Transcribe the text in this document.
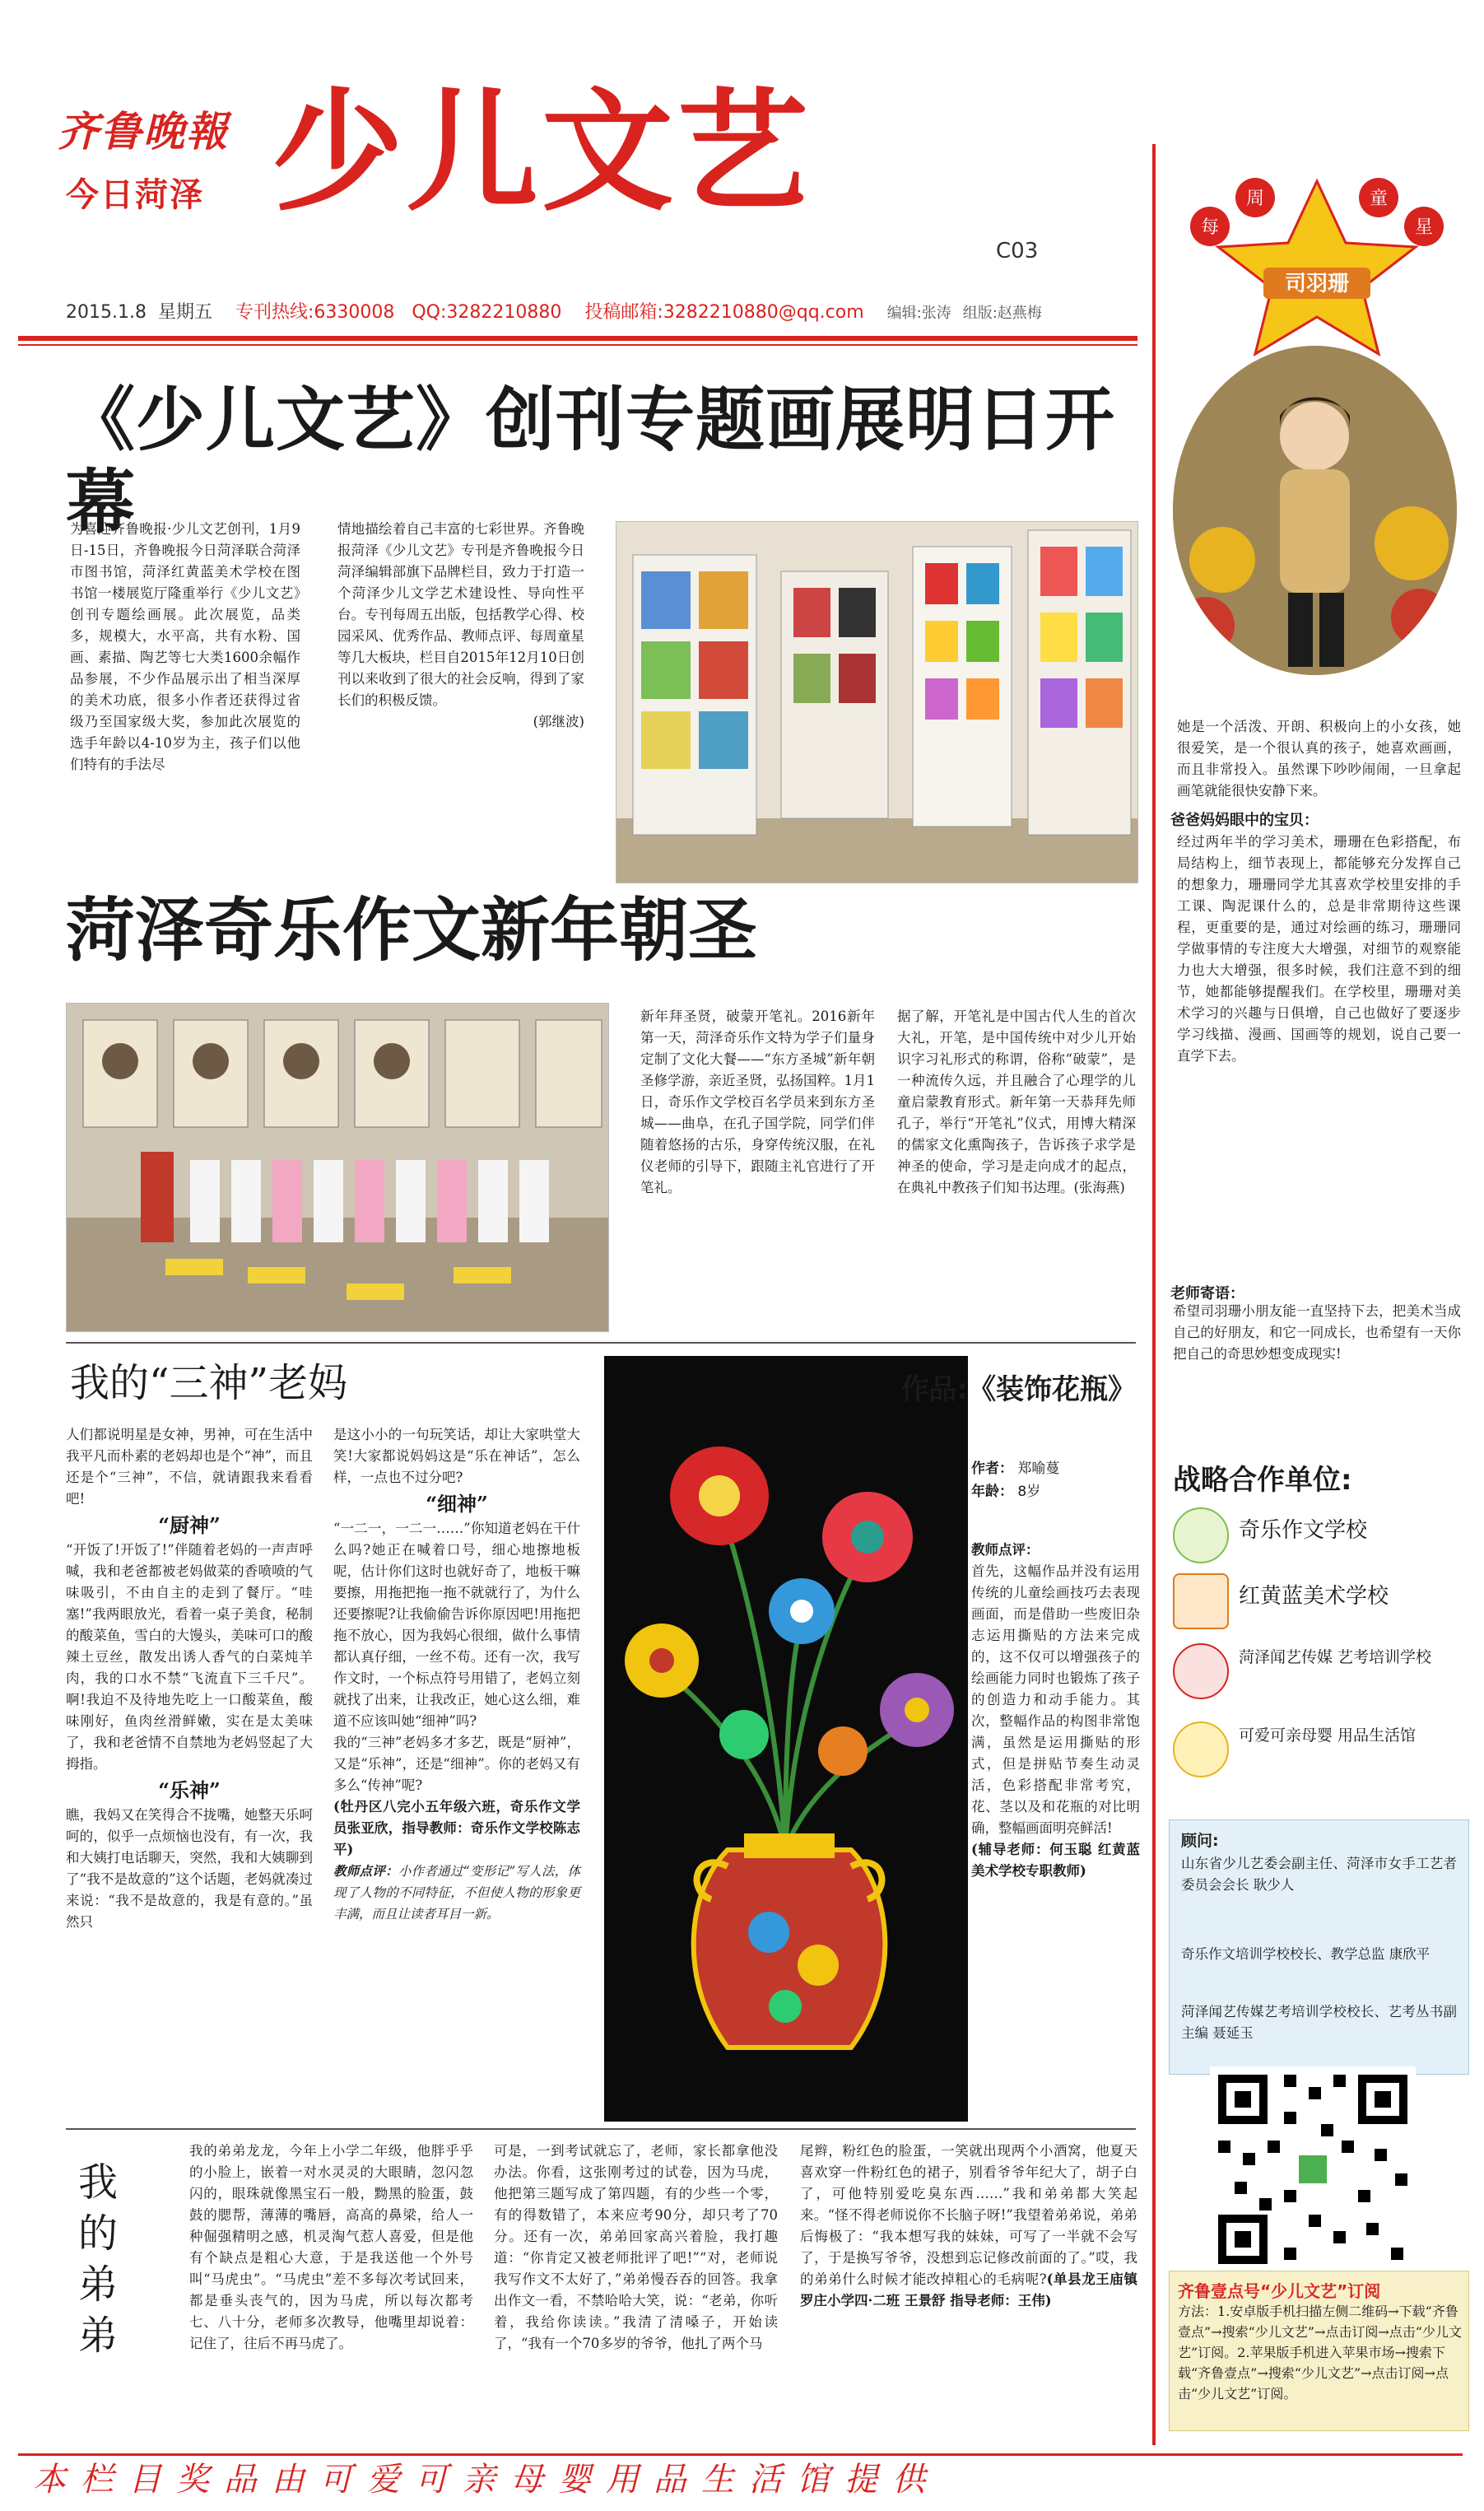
齐鲁晚報
今日菏泽 少儿文艺
C03
2015.1.8 星期五 专刊热线:6330008 QQ:3282210880 投稿邮箱:3282210880@qq.com 编辑:张涛 组版:赵燕梅
《少儿文艺》创刊专题画展明日开幕
为喜迎齐鲁晚报·少儿文艺创刊，1月9日-15日，齐鲁晚报今日菏泽联合菏泽市图书馆，菏泽红黄蓝美术学校在图书馆一楼展览厅隆重举行《少儿文艺》创刊专题绘画展。此次展览，品类多，规模大，水平高，共有水粉、国画、素描、陶艺等七大类1600余幅作品参展，不少作品展示出了相当深厚的美术功底，很多小作者还获得过省级乃至国家级大奖，参加此次展览的选手年龄以4-10岁为主，孩子们以他们特有的手法尽
情地描绘着自己丰富的七彩世界。齐鲁晚报菏泽《少儿文艺》专刊是齐鲁晚报今日菏泽编辑部旗下品牌栏目，致力于打造一个菏泽少儿文学艺术建设性、导向性平台。专刊每周五出版，包括教学心得、校园采风、优秀作品、教师点评、每周童星等几大板块，栏目自2015年12月10日创刊以来收到了很大的社会反响，得到了家长们的积极反馈。
(郭继波)
菏泽奇乐作文新年朝圣
新年拜圣贤，破蒙开笔礼。2016新年第一天，菏泽奇乐作文特为学子们量身定制了文化大餐——“东方圣城”新年朝圣修学游，亲近圣贤，弘扬国粹。1月1日，奇乐作文学校百名学员来到东方圣城——曲阜，在孔子国学院，同学们伴随着悠扬的古乐，身穿传统汉服，在礼仪老师的引导下，跟随主礼官进行了开笔礼。
据了解，开笔礼是中国古代人生的首次大礼，开笔，是中国传统中对少儿开始识字习礼形式的称谓，俗称“破蒙”，是一种流传久远，并且融合了心理学的儿童启蒙教育形式。新年第一天恭拜先师孔子，举行“开笔礼”仪式，用博大精深的儒家文化熏陶孩子，告诉孩子求学是神圣的使命，学习是走向成才的起点，在典礼中教孩子们知书达理。(张海燕)
我的“三神”老妈

人们都说明星是女神，男神，可在生活中我平凡而朴素的老妈却也是个“神”，而且还是个“三神”，不信，就请跟我来看看吧!

“厨神”

“开饭了!开饭了!”伴随着老妈的一声声呼喊，我和老爸都被老妈做菜的香喷喷的气味吸引，不由自主的走到了餐厅。“哇塞!”我两眼放光，看着一桌子美食，秘制的酸菜鱼，雪白的大馒头，美味可口的酸辣土豆丝，散发出诱人香气的白菜炖羊肉，我的口水不禁“飞流直下三千尺”。啊!我迫不及待地先吃上一口酸菜鱼，酸味刚好，鱼肉丝滑鲜嫩，实在是太美味了，我和老爸情不自禁地为老妈竖起了大拇指。

“乐神”

瞧，我妈又在笑得合不拢嘴，她整天乐呵呵的，似乎一点烦恼也没有，有一次，我和大姨打电话聊天，突然，我和大姨聊到了“我不是故意的”这个话题，老妈就凑过来说：“我不是故意的，我是有意的。”虽然只

是这小小的一句玩笑话，却让大家哄堂大笑!大家都说妈妈这是“乐在神话”，怎么样，一点也不过分吧?

“细神”

“一二一，一二一……”你知道老妈在干什么吗?她正在喊着口号，细心地擦地板呢，估计你们这时也就好奇了，地板干嘛要擦，用拖把拖一拖不就就行了，为什么还要擦呢?让我偷偷告诉你原因吧!用拖把拖不放心，因为我妈心很细，做什么事情都认真仔细，一丝不苟。还有一次，我写作文时，一个标点符号用错了，老妈立刻就找了出来，让我改正，她心这么细，难道不应该叫她“细神”吗?

我的“三神”老妈多才多艺，既是“厨神”，又是“乐神”，还是“细神”。你的老妈又有多么“传神”呢?

(牡丹区八完小五年级六班，奇乐作文学员张亚欣，指导教师：奇乐作文学校陈志平)

教师点评：小作者通过“变形记”写人法，体现了人物的不同特征，不但使人物的形象更丰满，而且让读者耳目一新。

作品:《装饰花瓶》
作者： 郑喻蔓
年龄： 8岁

教师点评：

首先，这幅作品并没有运用传统的儿童绘画技巧去表现画面，而是借助一些废旧杂志运用撕贴的方法来完成的，这不仅可以增强孩子的绘画能力同时也锻炼了孩子的创造力和动手能力。其次，整幅作品的构图非常饱满，虽然是运用撕贴的形式，但是拼贴节奏生动灵活，色彩搭配非常考究，花、茎以及和花瓶的对比明确，整幅画面明亮鲜活!

(辅导老师：何玉聪 红黄蓝美术学校专职教师)

我的弟弟
我的弟弟龙龙，今年上小学二年级，他胖乎乎的小脸上，嵌着一对水灵灵的大眼睛，忽闪忽闪的，眼珠就像黑宝石一般，黝黑的脸蛋，鼓鼓的腮帮，薄薄的嘴唇，高高的鼻梁，给人一种倔强精明之感，机灵淘气惹人喜爱，但是他有个缺点是粗心大意，于是我送他一个外号叫“马虎虫”。“马虎虫”差不多每次考试回来，都是垂头丧气的，因为马虎，所以每次都考七、八十分，老师多次教导，他嘴里却说着：记住了，往后不再马虎了。
可是，一到考试就忘了，老师，家长都拿他没办法。你看，这张刚考过的试卷，因为马虎，他把第三题写成了第四题，有的少些一个零，有的得数错了，本来应考90分，却只考了70分。还有一次，弟弟回家高兴着脸，我打趣道：“你肯定又被老师批评了吧!”“对，老师说我写作文不太好了，”弟弟慢吞吞的回答。我拿出作文一看，不禁哈哈大笑，说：“老弟，你听着，我给你读读。”我清了清嗓子，开始读了，“我有一个70多岁的爷爷，他扎了两个马
尾辫，粉红色的脸蛋，一笑就出现两个小酒窝，他夏天喜欢穿一件粉红色的裙子，别看爷爷年纪大了，胡子白了，可他特别爱吃臭东西……”我和弟弟都大笑起来。“怪不得老师说你不长脑子呀!”我望着弟弟说，弟弟后悔极了：“我本想写我的妹妹，可写了一半就不会写了，于是换写爷爷，没想到忘记修改前面的了。”哎，我的弟弟什么时候才能改掉粗心的毛病呢?(单县龙王庙镇罗庄小学四·二班 王景舒 指导老师：王伟)
本栏目奖品由可爱可亲母婴用品生活馆提供
每
周	童
星
司羽珊
她是一个活泼、开朗、积极向上的小女孩，她很爱笑，是一个很认真的孩子，她喜欢画画，而且非常投入。虽然课下吵吵闹闹，一旦拿起画笔就能很快安静下来。
爸爸妈妈眼中的宝贝：
经过两年半的学习美术，珊珊在色彩搭配，布局结构上，细节表现上，都能够充分发挥自己的想象力，珊珊同学尤其喜欢学校里安排的手工课、陶泥课什么的，总是非常期待这些课程，更重要的是，通过对绘画的练习，珊珊同学做事情的专注度大大增强，对细节的观察能力也大大增强，很多时候，我们注意不到的细节，她都能够提醒我们。在学校里，珊珊对美术学习的兴趣与日俱增，自己也做好了要逐步学习线描、漫画、国画等的规划，说自己要一直学下去。
老师寄语：
希望司羽珊小朋友能一直坚持下去，把美术当成自己的好朋友，和它一同成长，也希望有一天你把自己的奇思妙想变成现实!
战略合作单位:
奇乐作文学校
红黄蓝美术学校
菏泽闻艺传媒 艺考培训学校
可爱可亲母婴 用品生活馆
顾问:
山东省少儿艺委会副主任、菏泽市女手工艺者委员会会长 耿少人
奇乐作文培训学校校长、教学总监 康欣平
菏泽闻艺传媒艺考培训学校校长、艺考丛书副主编 聂延玉
齐鲁壹点号“少儿文艺”订阅
方法：1.安卓版手机扫描左侧二维码→下载“齐鲁壹点”→搜索“少儿文艺”→点击订阅→点击“少儿文艺”订阅。2.苹果版手机进入苹果市场→搜索下载“齐鲁壹点”→搜索“少儿文艺”→点击订阅→点击“少儿文艺”订阅。
